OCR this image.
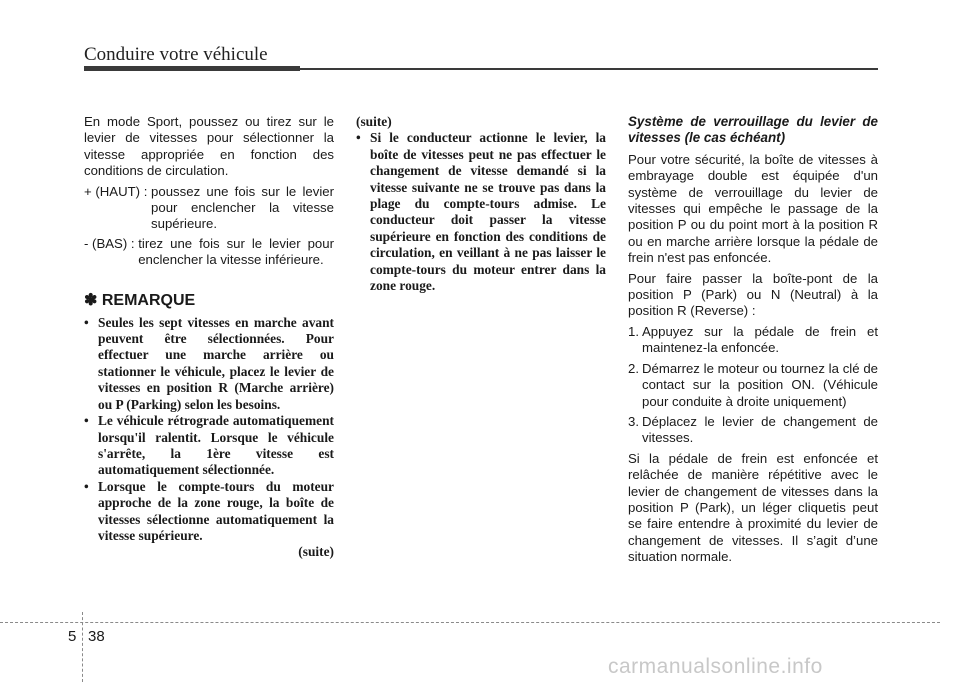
Conduire votre véhicule

En mode Sport, poussez ou tirez sur le levier de vitesses pour sélectionner la vitesse appropriée en fonction des conditions de circulation.

+ (HAUT) : poussez une fois sur le levier pour enclencher la vitesse supérieure.
- (BAS) : tirez une fois sur le levier pour enclencher la vitesse inférieure.
✽ REMARQUE
• Seules les sept vitesses en marche avant peuvent être sélectionnées. Pour effectuer une marche arrière ou stationner le véhicule, placez le levier de vitesses en position R (Marche arrière) ou P (Parking) selon les besoins.
• Le véhicule rétrograde automatiquement lorsqu'il ralentit. Lorsque le véhicule s'arrête, la 1ère vitesse est automatiquement sélectionnée.
• Lorsque le compte-tours du moteur approche de la zone rouge, la boîte de vitesses sélectionne automatiquement la vitesse supérieure.
(suite)
(suite)
• Si le conducteur actionne le levier, la boîte de vitesses peut ne pas effectuer le changement de vitesse demandé si la vitesse suivante ne se trouve pas dans la plage du compte-tours admise. Le conducteur doit passer la vitesse supérieure en fonction des conditions de circulation, en veillant à ne pas laisser le compte-tours du moteur entrer dans la zone rouge.
Système de verrouillage du levier de vitesses (le cas échéant)

Pour votre sécurité, la boîte de vitesses à embrayage double est équipée d'un système de verrouillage du levier de vitesses qui empêche le passage de la position P ou du point mort à la position R ou en marche arrière lorsque la pédale de frein n'est pas enfoncée.

Pour faire passer la boîte-pont de la position P (Park) ou N (Neutral) à la position R (Reverse) :

1. Appuyez sur la pédale de frein et maintenez-la enfoncée.
2. Démarrez le moteur ou tournez la clé de contact sur la position ON. (Véhicule pour conduite à droite uniquement)
3. Déplacez le levier de changement de vitesses.

Si la pédale de frein est enfoncée et relâchée de manière répétitive avec le levier de changement de vitesses dans la position P (Park), un léger cliquetis peut se faire entendre à proximité du levier de changement de vitesses. Il s’agit d’une situation normale.

5 38
carmanualsonline.info
